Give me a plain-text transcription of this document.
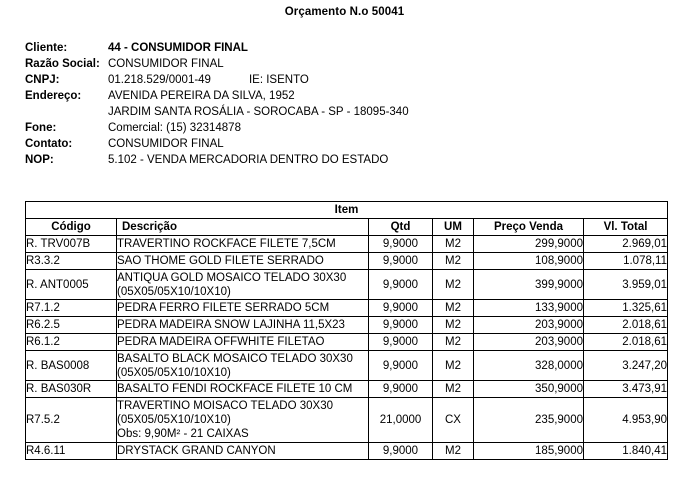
Orçamento N.o 50041
Cliente:	44 - CONSUMIDOR FINAL
Razão Social: CONSUMIDOR FINAL
CNPJ:	01.218.529/0001-49	IE: ISENTO
Endereço:	AVENIDA PEREIRA DA SILVA, 1952
JARDIM SANTA ROSÁLIA - SOROCABA - SP - 18095-340
Fone:	Comercial: (15) 32314878
Contato:	CONSUMIDOR FINAL
NOP:	5.102 - VENDA MERCADORIA DENTRO DO ESTADO
Item					
Código	Descrição	Qtd	UM	Preço Venda	Vl. Total
R. TRV007B	TRAVERTINO ROCKFACE FILETE 7,5CM	9,9000	M2	299,9000	2.969,01
R3.3.2	SAO THOME GOLD FILETE SERRADO	9,9000	M2	108,9000	1.078,11
R. ANT0005	ANTIQUA GOLD MOSAICO TELADO 30X30
(05X05/05X10/10X10)	9,9000	M2	399,9000	3.959,01
R7.1.2	PEDRA FERRO FILETE SERRADO 5CM	9,9000	M2	133,9000	1.325,61
R6.2.5	PEDRA MADEIRA SNOW LAJINHA 11,5X23	9,9000	M2	203,9000	2.018,61
R6.1.2	PEDRA MADEIRA OFFWHITE FILETAO	9,9000	M2	203,9000	2.018,61
R. BAS0008	BASALTO BLACK MOSAICO TELADO 30X30
(05X05/05X10/10X10)	9,9000	M2	328,0000	3.247,20
R. BAS030R	BASALTO FENDI ROCKFACE FILETE 10 CM	9,9000	M2	350,9000	3.473,91
R7.5.2	TRAVERTINO MOISACO TELADO 30X30
(05X05/05X10/10X10)
Obs: 9,90M² - 21 CAIXAS	21,0000	CX	235,9000	4.953,90
R4.6.11	DRYSTACK GRAND CANYON	9,9000	M2	185,9000	1.840,41
